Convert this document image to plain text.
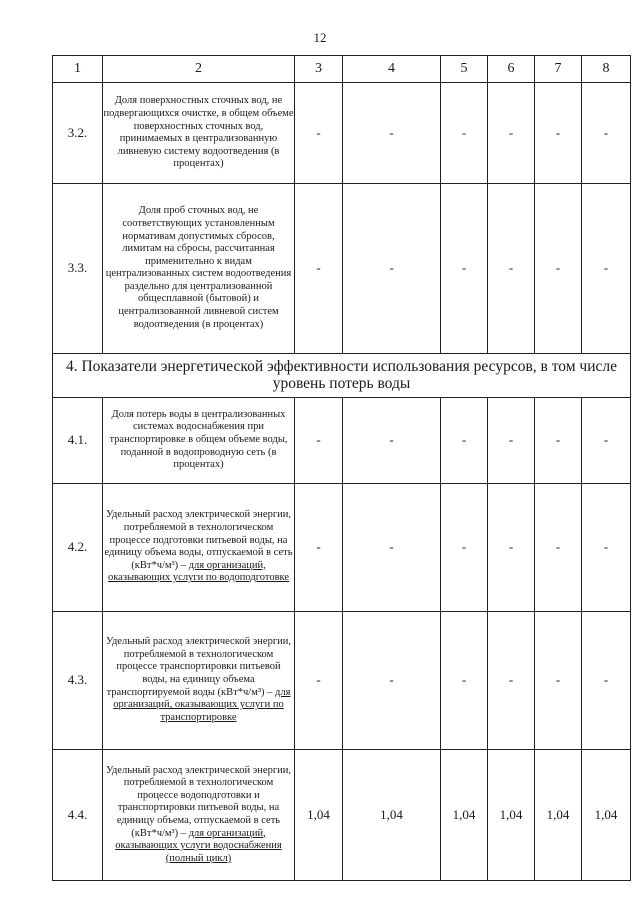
12
1	2	3	4	5	6	7	8
3.2.	Доля поверхностных сточных вод, не подвергающихся очистке, в общем объеме поверхностных сточных вод, принимаемых в централизованную ливневую систему водоотведения (в процентах)	-	-	-	-	-	-
3.3.	Доля проб сточных вод, не соответствующих установленным нормативам допустимых сбросов, лимитам на сбросы, рассчитанная применительно к видам централизованных систем водоотведения раздельно для централизованной общесплавной (бытовой) и централизованной ливневой систем водоотведения (в процентах)	-	-	-	-	-	-
4. Показатели энергетической эффективности использования ресурсов, в том числе уровень потерь воды							
4.1.	Доля потерь воды в централизованных системах водоснабжения при транспортировке в общем объеме воды, поданной в водопроводную сеть (в процентах)	-	-	-	-	-	-
4.2.	Удельный расход электрической энергии, потребляемой в технологическом процессе подготовки питьевой воды, на единицу объема воды, отпускаемой в сеть (кВт*ч/м³) – для организаций, оказывающих услуги по водоподготовке	-	-	-	-	-	-
4.3.	Удельный расход электрической энергии, потребляемой в технологическом процессе транспортировки питьевой воды, на единицу объема транспортируемой воды (кВт*ч/м³) – для организаций, оказывающих услуги по транспортировке	-	-	-	-	-	-
4.4.	Удельный расход электрической энергии, потребляемой в технологическом процессе водоподготовки и транспортировки питьевой воды, на единицу объема, отпускаемой в сеть (кВт*ч/м³) – для организаций, оказывающих услуги водоснабжения (полный цикл)	1,04	1,04	1,04	1,04	1,04	1,04
